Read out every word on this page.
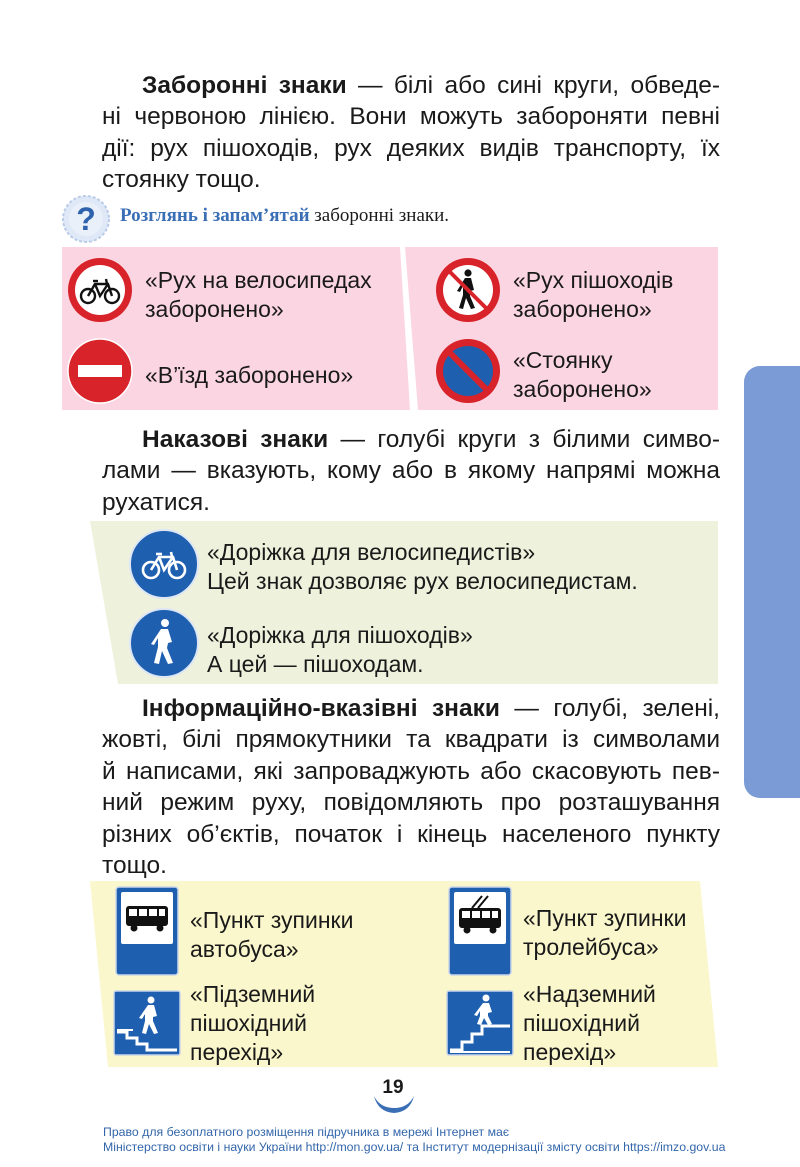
Заборонні знаки — білі або сині круги, обведе-
ні червоною лінією. Вони можуть забороняти певні
дії: рух пішоходів, рух деяких видів транспорту, їх
стоянку тощо.
? Розглянь і запам’ятай заборонні знаки.
«Рух на велосипедах
заборонено»
«В’їзд заборонено»
«Рух пішоходів
заборонено»
«Стоянку
заборонено»
Наказові знаки — голубі круги з білими симво-
лами — вказують, кому або в якому напрямі можна
рухатися.
«Доріжка для велосипедистів»
Цей знак дозволяє рух велосипедистам.
«Доріжка для пішоходів»
А цей — пішоходам.
Інформаційно-вказівні знаки — голубі, зелені,
жовті, білі прямокутники та квадрати із символами
й написами, які запроваджують або скасовують пев-
ний режим руху, повідомляють про розташування
різних об’єктів, початок і кінець населеного пункту
тощо.
«Пункт зупинки
автобуса»
«Пункт зупинки
тролейбуса»
«Підземний
пішохідний
перехід»
«Надземний
пішохідний
перехід»
19
Право для безоплатного розміщення підручника в мережі Інтернет має
Міністерство освіти і науки України http://mon.gov.ua/ та Інститут модернізації змісту освіти https://imzo.gov.ua
